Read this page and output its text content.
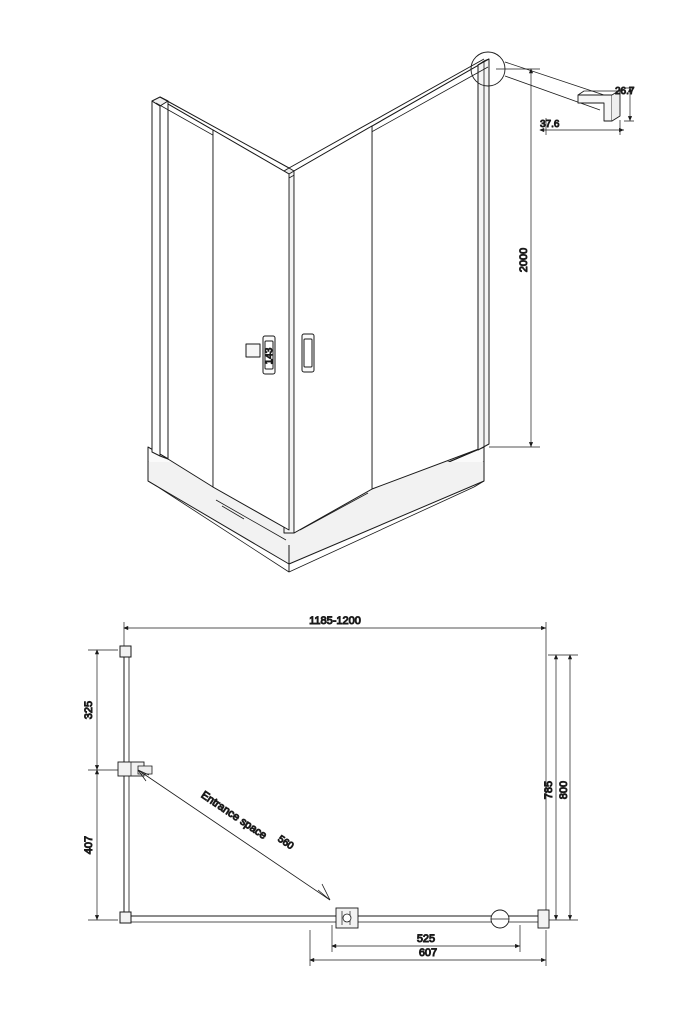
143
26.7
37.6
2000
1185-1200
800
785
325
407
Entrance space
560
525
607
